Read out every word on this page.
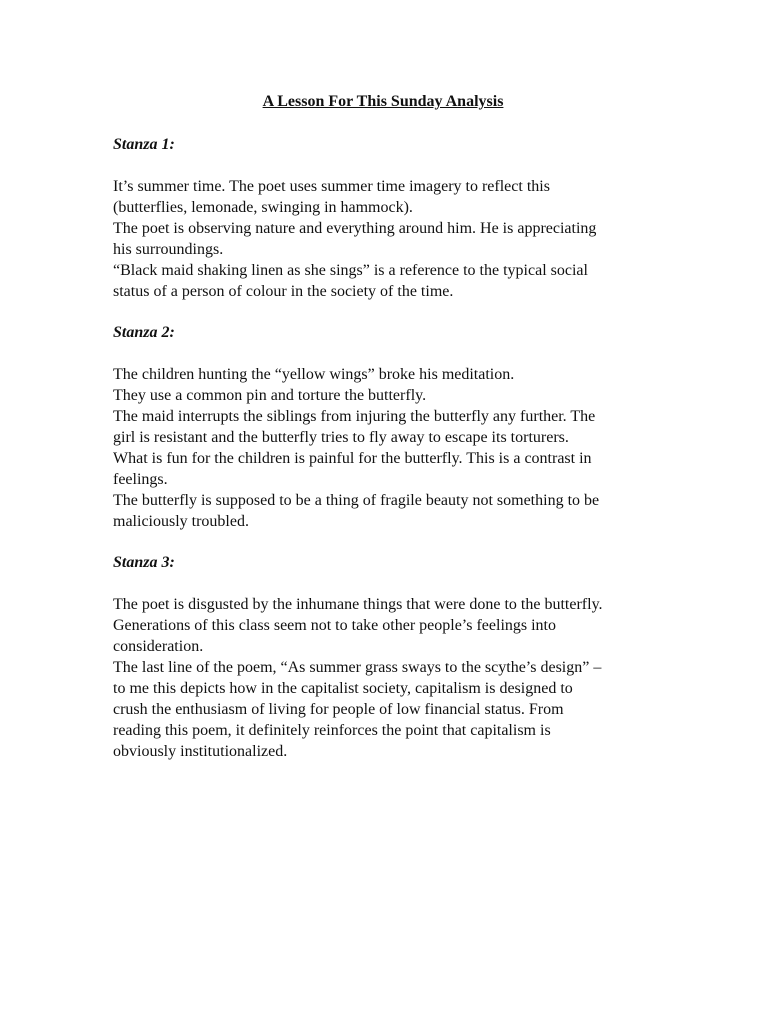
A Lesson For This Sunday Analysis
Stanza 1:
It’s summer time. The poet uses summer time imagery to reflect this
(butterflies, lemonade, swinging in hammock).
The poet is observing nature and everything around him. He is appreciating
his surroundings.
“Black maid shaking linen as she sings” is a reference to the typical social
status of a person of colour in the society of the time.
Stanza 2:
The children hunting the “yellow wings” broke his meditation.
They use a common pin and torture the butterfly.
The maid interrupts the siblings from injuring the butterfly any further. The
girl is resistant and the butterfly tries to fly away to escape its torturers.
What is fun for the children is painful for the butterfly. This is a contrast in
feelings.
The butterfly is supposed to be a thing of fragile beauty not something to be
maliciously troubled.
Stanza 3:
The poet is disgusted by the inhumane things that were done to the butterfly.
Generations of this class seem not to take other people’s feelings into
consideration.
The last line of the poem, “As summer grass sways to the scythe’s design” –
to me this depicts how in the capitalist society, capitalism is designed to
crush the enthusiasm of living for people of low financial status. From
reading this poem, it definitely reinforces the point that capitalism is
obviously institutionalized.
